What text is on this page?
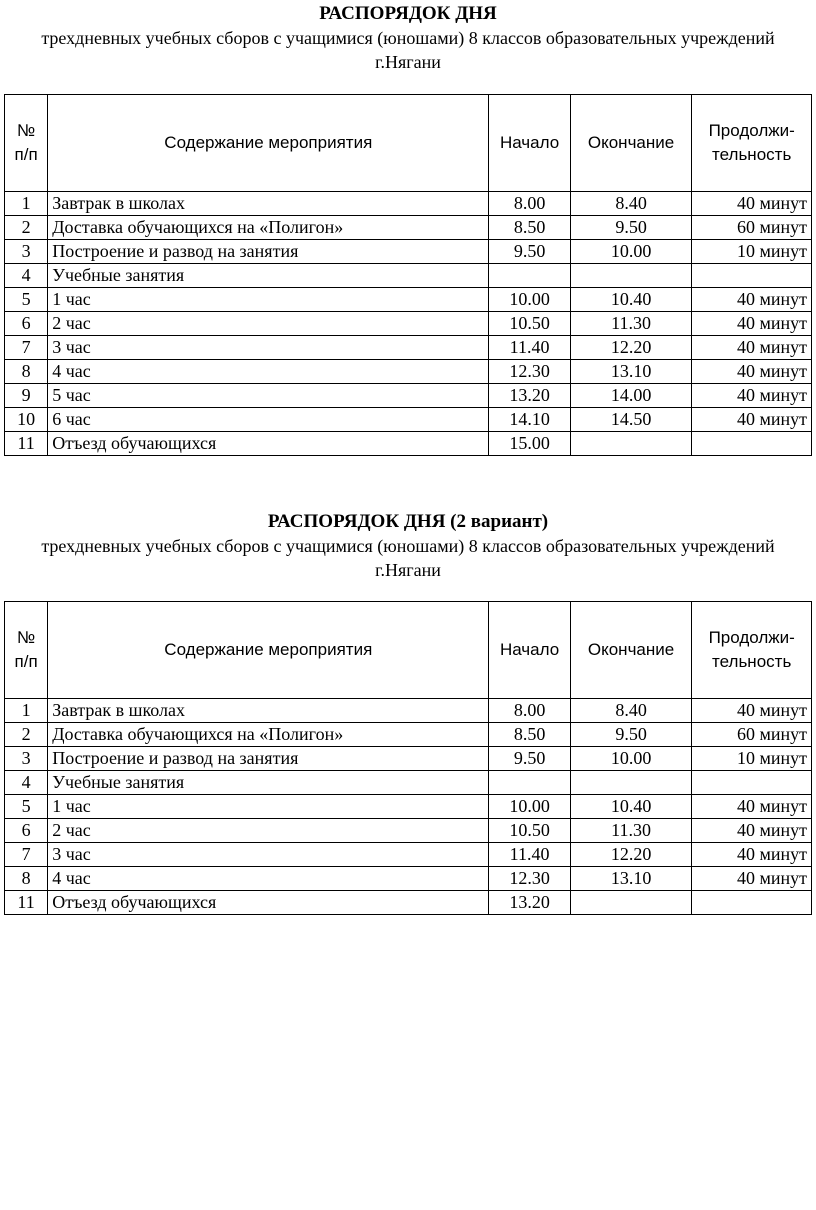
РАСПОРЯДОК ДНЯ
трехдневных учебных сборов с учащимися (юношами) 8 классов образовательных учреждений г.Нягани
№ п/п	Содержание мероприятия	Начало	Окончание	Продолжи-тельность
1	Завтрак в школах	8.00	8.40	40 минут
2	Доставка обучающихся на «Полигон»	8.50	9.50	60 минут
3	Построение и развод на занятия	9.50	10.00	10 минут
4	Учебные занятия			
5	1 час	10.00	10.40	40 минут
6	2 час	10.50	11.30	40 минут
7	3 час	11.40	12.20	40 минут
8	4 час	12.30	13.10	40 минут
9	5 час	13.20	14.00	40 минут
10	6 час	14.10	14.50	40 минут
11	Отъезд обучающихся	15.00		
РАСПОРЯДОК ДНЯ (2 вариант)
трехдневных учебных сборов с учащимися (юношами) 8 классов образовательных учреждений г.Нягани
№ п/п	Содержание мероприятия	Начало	Окончание	Продолжи-тельность
1	Завтрак в школах	8.00	8.40	40 минут
2	Доставка обучающихся на «Полигон»	8.50	9.50	60 минут
3	Построение и развод на занятия	9.50	10.00	10 минут
4	Учебные занятия			
5	1 час	10.00	10.40	40 минут
6	2 час	10.50	11.30	40 минут
7	3 час	11.40	12.20	40 минут
8	4 час	12.30	13.10	40 минут
11	Отъезд обучающихся	13.20		
